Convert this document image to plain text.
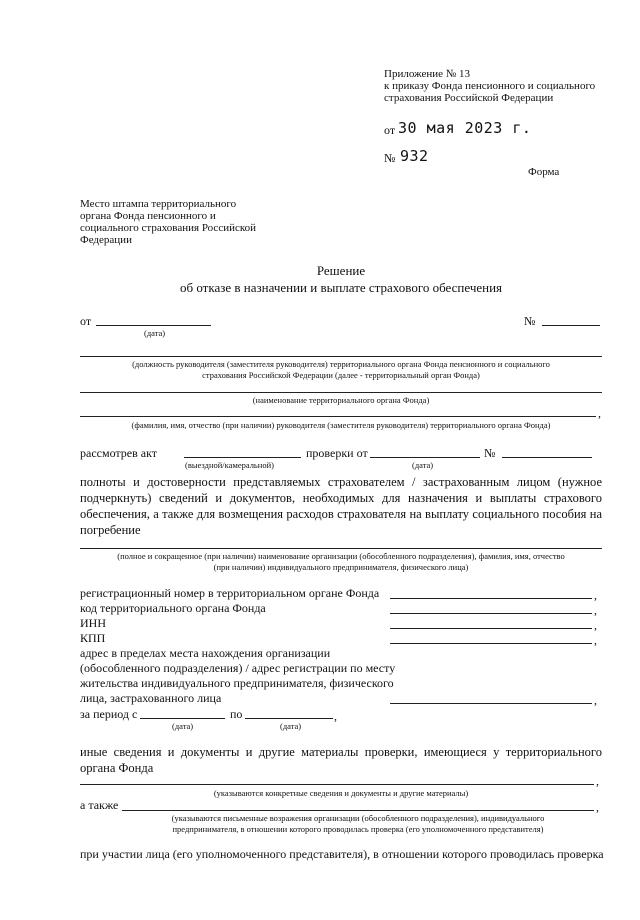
Приложение № 13
к приказу Фонда пенсионного и социального
страхования Российской Федерации
от 30 мая 2023 г.
№ 932
Форма
Место штампа территориального
органа Фонда пенсионного и
социального страхования Российской
Федерации
Решение
об отказе в назначении и выплате страхового обеспечения
от
(дата)
№
(должность руководителя (заместителя руководителя) территориального органа Фонда пенсионного и социального
страхования Российской Федерации (далее - территориальный орган Фонда)
(наименование территориального органа Фонда)
,
(фамилия, имя, отчество (при наличии) руководителя (заместителя руководителя) территориального органа Фонда)
рассмотрев акт
(выездной/камеральной)
проверки от
(дата)
№
полноты и достоверности представляемых страхователем / застрахованным лицом (нужное подчеркнуть) сведений и документов, необходимых для назначения и выплаты страхового обеспечения, а также для возмещения расходов страхователя на выплату социального пособия на погребение
(полное и сокращенное (при наличии) наименование организации (обособленного подразделения), фамилия, имя, отчество
(при наличии) индивидуального предпринимателя, физического лица)
регистрационный номер в территориальном органе Фонда	,
код территориального органа Фонда	,
ИНН	,
КПП	,
адрес в пределах места нахождения организации
(обособленного подразделения) / адрес регистрации по месту
жительства индивидуального предпринимателя, физического
лица, застрахованного лица	,
за период с
(дата)
по	,
(дата)
иные сведения и документы и другие материалы проверки, имеющиеся у территориального органа Фонда
,
(указываются конкретные сведения и документы и другие материалы)
а также	,
(указываются письменные возражения организации (обособленного подразделения), индивидуального
предпринимателя, в отношении которого проводилась проверка (его уполномоченного представителя)
при участии лица (его уполномоченного представителя), в отношении которого проводилась проверка
